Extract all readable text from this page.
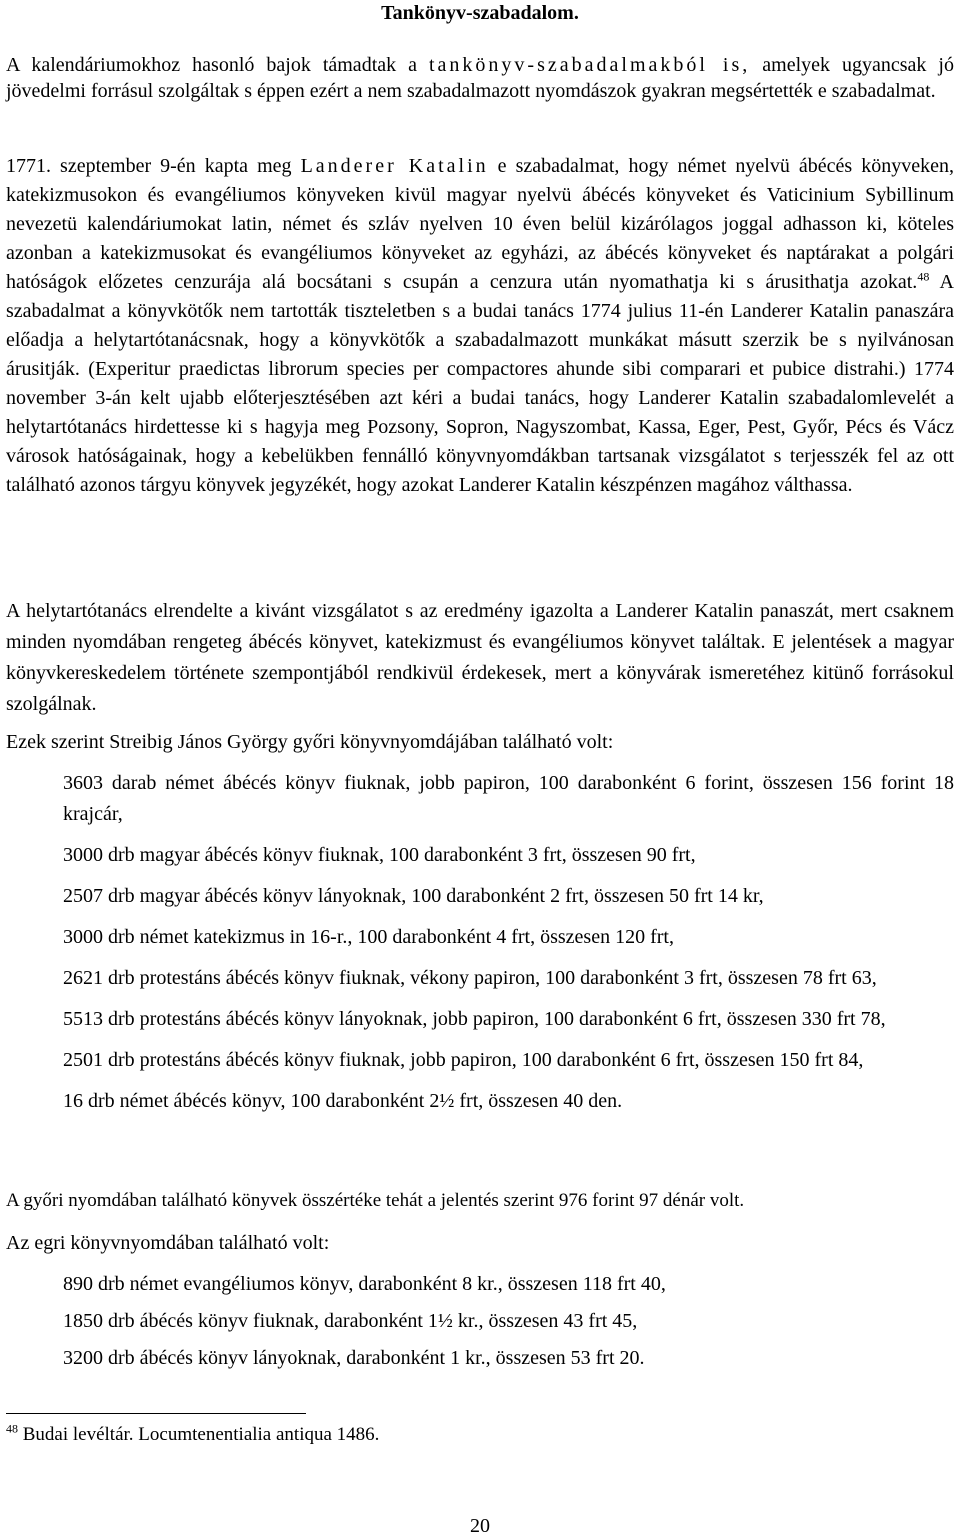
Tankönyv-szabadalom.

A kalendáriumokhoz hasonló bajok támadtak a tankönyv-szabadalmakból is, amelyek ugyancsak jó jövedelmi forrásul szolgáltak s éppen ezért a nem szabadalmazott nyomdászok gyakran megsértették e szabadalmat.

1771. szeptember 9-én kapta meg Landerer Katalin e szabadalmat, hogy német nyelvü ábécés könyveken, katekizmusokon és evangéliumos könyveken kivül magyar nyelvü ábécés könyveket és Vaticinium Sybillinum nevezetü kalendáriumokat latin, német és szláv nyelven 10 éven belül kizárólagos joggal adhasson ki, köteles azonban a katekizmusokat és evangéliumos könyveket az egyházi, az ábécés könyveket és naptárakat a polgári hatóságok előzetes cenzurája alá bocsátani s csupán a cenzura után nyomathatja ki s árusithatja azokat.$^{48}$ A szabadalmat a könyvkötők nem tartották tiszteletben s a budai tanács 1774 julius 11-én Landerer Katalin panaszára előadja a helytartótanácsnak, hogy a könyvkötők a szabadalmazott munkákat másutt szerzik be s nyilvánosan árusitják. (Experitur praedictas librorum species per compactores ahunde sibi comparari et pubice distrahi.) 1774 november 3-án kelt ujabb előterjesztésében azt kéri a budai tanács, hogy Landerer Katalin szabadalomlevelét a helytartótanács hirdettesse ki s hagyja meg Pozsony, Sopron, Nagyszombat, Kassa, Eger, Pest, Győr, Pécs és Vácz városok hatóságainak, hogy a kebelükben fennálló könyvnyomdákban tartsanak vizsgálatot s terjesszék fel az ott található azonos tárgyu könyvek jegyzékét, hogy azokat Landerer Katalin készpénzen magához válthassa.

A helytartótanács elrendelte a kivánt vizsgálatot s az eredmény igazolta a Landerer Katalin panaszát, mert csaknem minden nyomdában rengeteg ábécés könyvet, katekizmust és evangéliumos könyvet találtak. E jelentések a magyar könyvkereskedelem története szempontjából rendkivül érdekesek, mert a könyvárak ismeretéhez kitünő forrásokul szolgálnak.

Ezek szerint Streibig János György győri könyvnyomdájában található volt:

3603 darab német ábécés könyv fiuknak, jobb papiron, 100 darabonként 6 forint, összesen 156 forint 18 krajcár,
3000 drb magyar ábécés könyv fiuknak, 100 darabonként 3 frt, összesen 90 frt,
2507 drb magyar ábécés könyv lányoknak, 100 darabonként 2 frt, összesen 50 frt 14 kr,
3000 drb német katekizmus in 16-r., 100 darabonként 4 frt, összesen 120 frt,
2621 drb protestáns ábécés könyv fiuknak, vékony papiron, 100 darabonként 3 frt, összesen 78 frt 63,
5513 drb protestáns ábécés könyv lányoknak, jobb papiron, 100 darabonként 6 frt, összesen 330 frt 78,
2501 drb protestáns ábécés könyv fiuknak, jobb papiron, 100 darabonként 6 frt, összesen 150 frt 84,
16 drb német ábécés könyv, 100 darabonként 2½ frt, összesen 40 den.

A győri nyomdában található könyvek összértéke tehát a jelentés szerint 976 forint 97 dénár volt.

Az egri könyvnyomdában található volt:

890 drb német evangéliumos könyv, darabonként 8 kr., összesen 118 frt 40,
1850 drb ábécés könyv fiuknak, darabonként 1½ kr., összesen 43 frt 45,
3200 drb ábécés könyv lányoknak, darabonként 1 kr., összesen 53 frt 20.

$^{48}$ Budai levéltár. Locumtenentialia antiqua 1486.

20
